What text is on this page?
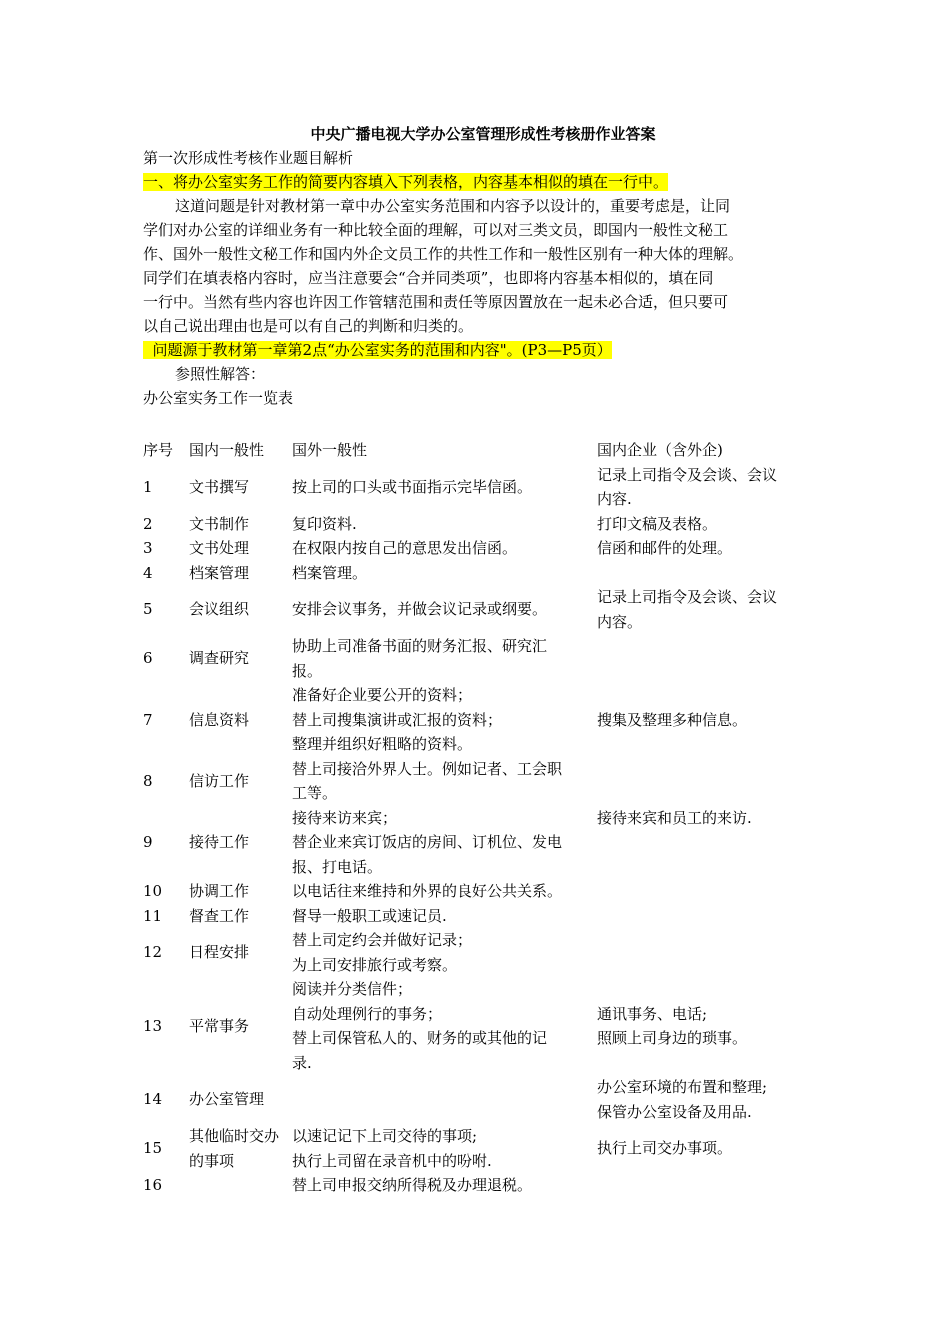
中央广播电视大学办公室管理形成性考核册作业答案
第一次形成性考核作业题目解析
一、将办公室实务工作的简要内容填入下列表格，内容基本相似的填在一行中。
这道问题是针对教材第一章中办公室实务范围和内容予以设计的，重要考虑是，让同
学们对办公室的详细业务有一种比较全面的理解，可以对三类文员，即国内一般性文秘工
作、国外一般性文秘工作和国内外企文员工作的共性工作和一般性区别有一种大体的理解。
同学们在填表格内容时，应当注意要会“合并同类项”，也即将内容基本相似的，填在同
一行中。当然有些内容也许因工作管辖范围和责任等原因置放在一起未必合适，但只要可
以自己说出理由也是可以有自己的判断和归类的。
问题源于教材第一章第2点“办公室实务的范围和内容"。(P3—P5页）
参照性解答：
办公室实务工作一览表
序号	国内一般性	国外一般性	国内企业（含外企)
1	文书撰写	按上司的口头或书面指示完毕信函。	记录上司指令及会谈、会议
内容.

2	文书制作	复印资料.	打印文稿及表格。

3	文书处理	在权限内按自己的意思发出信函。	信函和邮件的处理。

4	档案管理	档案管理。	

5	会议组织	安排会议事务，并做会议记录或纲要。	记录上司指令及会谈、会议
内容。

6	调查研究	协助上司准备书面的财务汇报、研究汇
报。	

7	信息资料	准备好企业要公开的资料；
替上司搜集演讲或汇报的资料；
整理并组织好粗略的资料。	搜集及整理多种信息。

8	信访工作	替上司接洽外界人士。例如记者、工会职
工等。	

9	接待工作	接待来访来宾；
替企业来宾订饭店的房间、订机位、发电
报、打电话。	接待来宾和员工的来访.

10	协调工作	以电话往来维持和外界的良好公共关系。	

11	督查工作	督导一般职工或速记员.	

12	日程安排	替上司定约会并做好记录；
为上司安排旅行或考察。	

13	平常事务	阅读并分类信件；
自动处理例行的事务；
替上司保管私人的、财务的或其他的记
录.	通讯事务、电话;
照顾上司身边的琐事。

14	办公室管理		办公室环境的布置和整理;
保管办公室设备及用品.

15	其他临时交办
的事项	以速记记下上司交待的事项;
执行上司留在录音机中的吩咐.	执行上司交办事项。

16		替上司申报交纳所得税及办理退税。	
